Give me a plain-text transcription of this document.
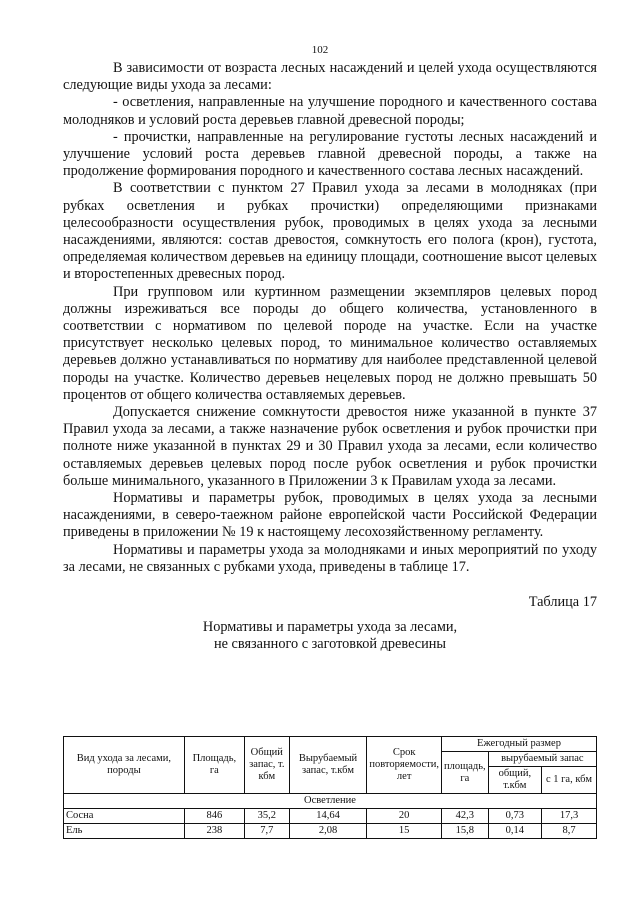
102

В зависимости от возраста лесных насаждений и целей ухода осуществляются следующие виды ухода за лесами:

- осветления, направленные на улучшение породного и качественного состава молодняков и условий роста деревьев главной древесной породы;

- прочистки, направленные на регулирование густоты лесных насаждений и улучшение условий роста деревьев главной древесной породы, а также на продолжение формирования породного и качественного состава лесных насаждений.

В соответствии с пунктом 27 Правил ухода за лесами в молодняках (при рубках осветления и рубках прочистки) определяющими признаками целесообразности осуществления рубок, проводимых в целях ухода за лесными насаждениями, являются: состав древостоя, сомкнутость его полога (крон), густота, определяемая количеством деревьев на единицу площади, соотношение высот целевых и второстепенных древесных пород.

При групповом или куртинном размещении экземпляров целевых пород должны изреживаться все породы до общего количества, установленного в соответствии с нормативом по целевой породе на участке. Если на участке присутствует несколько целевых пород, то минимальное количество оставляемых деревьев должно устанавливаться по нормативу для наиболее представленной целевой породы на участке. Количество деревьев нецелевых пород не должно превышать 50 процентов от общего количества оставляемых деревьев.

Допускается снижение сомкнутости древостоя ниже указанной в пункте 37 Правил ухода за лесами, а также назначение рубок осветления и рубок прочистки при полноте ниже указанной в пунктах 29 и 30 Правил ухода за лесами, если количество оставляемых деревьев целевых пород после рубок осветления и рубок прочистки больше минимального, указанного в Приложении 3 к Правилам ухода за лесами.

Нормативы и параметры рубок, проводимых в целях ухода за лесными насаждениями, в северо-таежном районе европейской части Российской Федерации приведены в приложении № 19 к настоящему лесохозяйственному регламенту.

Нормативы и параметры ухода за молодняками и иных мероприятий по уходу за лесами, не связанных с рубками ухода, приведены в таблице 17.

Таблица 17
Нормативы и параметры ухода за лесами,
не связанного с заготовкой древесины
Вид ухода за лесами, породы	Площадь, га	Общий запас, т. кбм	Вырубаемый запас, т.кбм	Срок повторяемости, лет	Ежегодный размер		
					площадь, га	вырубаемый запас	
						общий, т.кбм	с 1 га, кбм
Осветление							
Сосна	846	35,2	14,64	20	42,3	0,73	17,3
Ель	238	7,7	2,08	15	15,8	0,14	8,7
